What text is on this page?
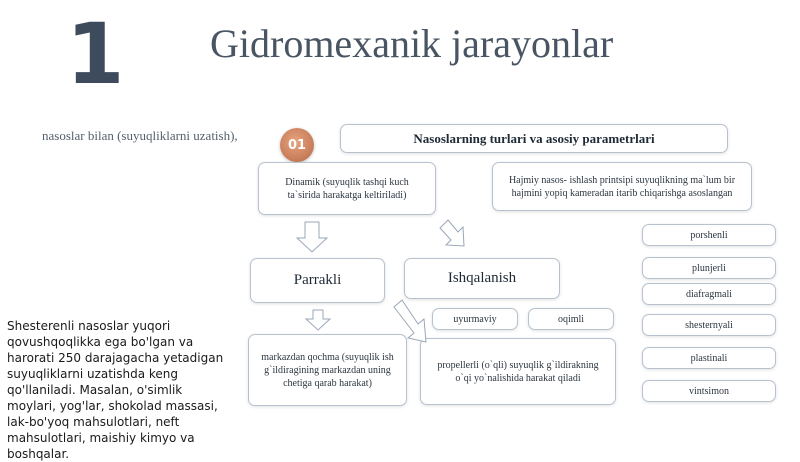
1 Gidromexanik jarayonlar
nasoslar bilan (suyuqliklarni uzatish),
01	Nasoslarning turlari va asosiy parametrlari
Dinamik (suyuqlik tashqi kuch ta`sirida harakatga keltiriladi)
Hajmiy nasos- ishlash printsipi suyuqlikning ma`lum bir hajmini yopiq kameradan itarib chiqarishga asoslangan
Parrakli	Ishqalanish
uyurmaviy	oqimli
markazdan qochma (suyuqlik ish g`ildiragining markazdan uning chetiga qarab harakat)
propellerli (o`qli) suyuqlik g`ildirakning o`qi yo`nalishida harakat qiladi
porshenli
plunjerli
diafragmali
shesternyali
plastinali
vintsimon
Shesterenli nasoslar yuqori qovushqoqlikka ega bo'lgan va harorati 250 darajagacha yetadigan suyuqliklarni uzatishda keng qo'llaniladi. Masalan, o'simlik moylari, yog'lar, shokolad massasi, lak-bo'yoq mahsulotlari, neft mahsulotlari, maishiy kimyo va boshqalar.
